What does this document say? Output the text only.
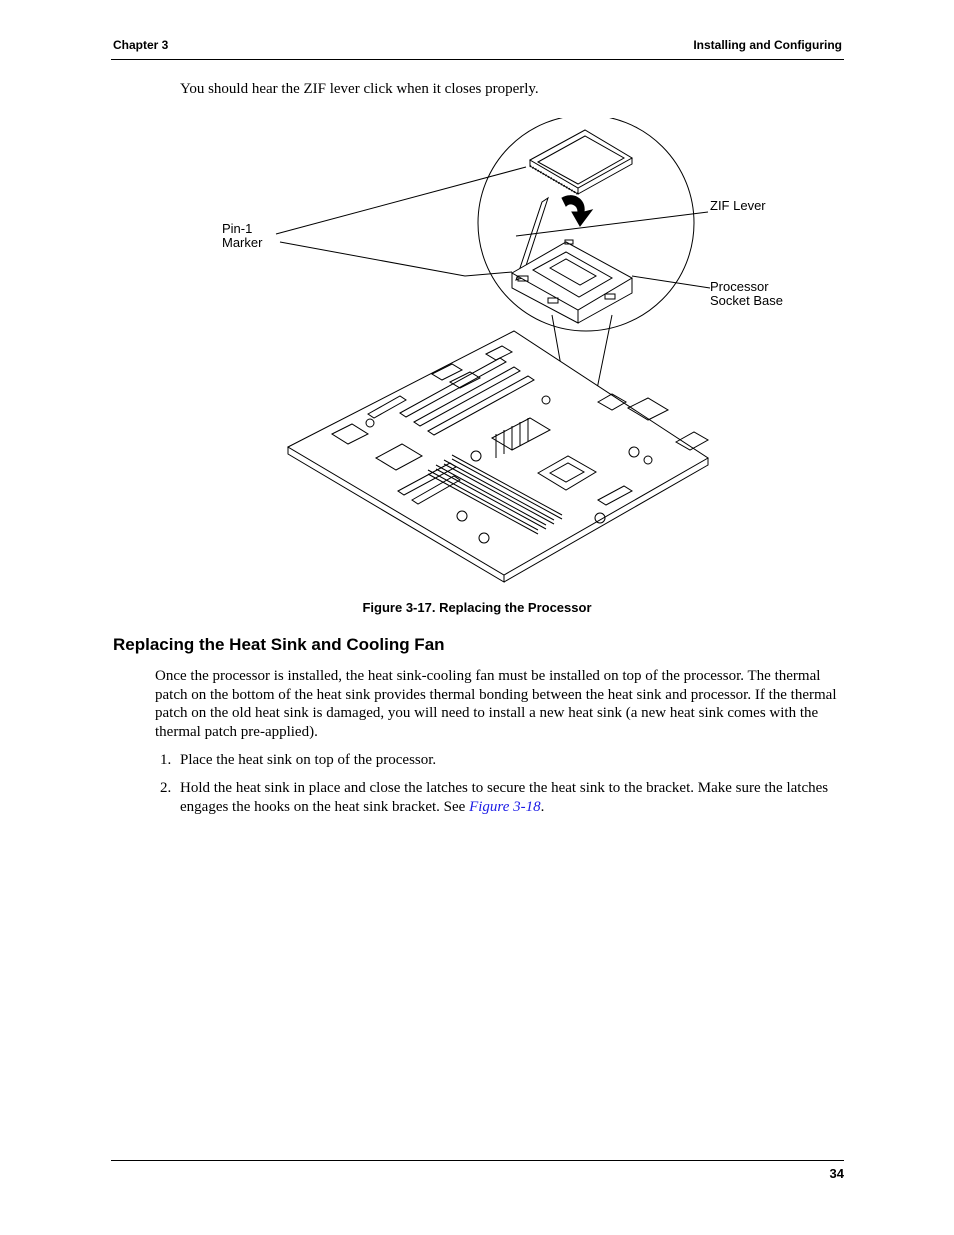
Chapter 3	Installing and Configuring
You should hear the ZIF lever click when it closes properly.
Pin-1
Marker
ZIF Lever
Processor
Socket Base
Figure 3-17. Replacing the Processor
Replacing the Heat Sink and Cooling Fan
Once the processor is installed, the heat sink-cooling fan must be installed on top of the processor. The thermal patch on the bottom of the heat sink provides thermal bonding between the heat sink and processor. If the thermal patch on the old heat sink is damaged, you will need to install a new heat sink (a new heat sink comes with the thermal patch pre-applied).
1. Place the heat sink on top of the processor.
2. Hold the heat sink in place and close the latches to secure the heat sink to the bracket. Make sure the latches engages the hooks on the heat sink bracket. See Figure 3-18.
34
